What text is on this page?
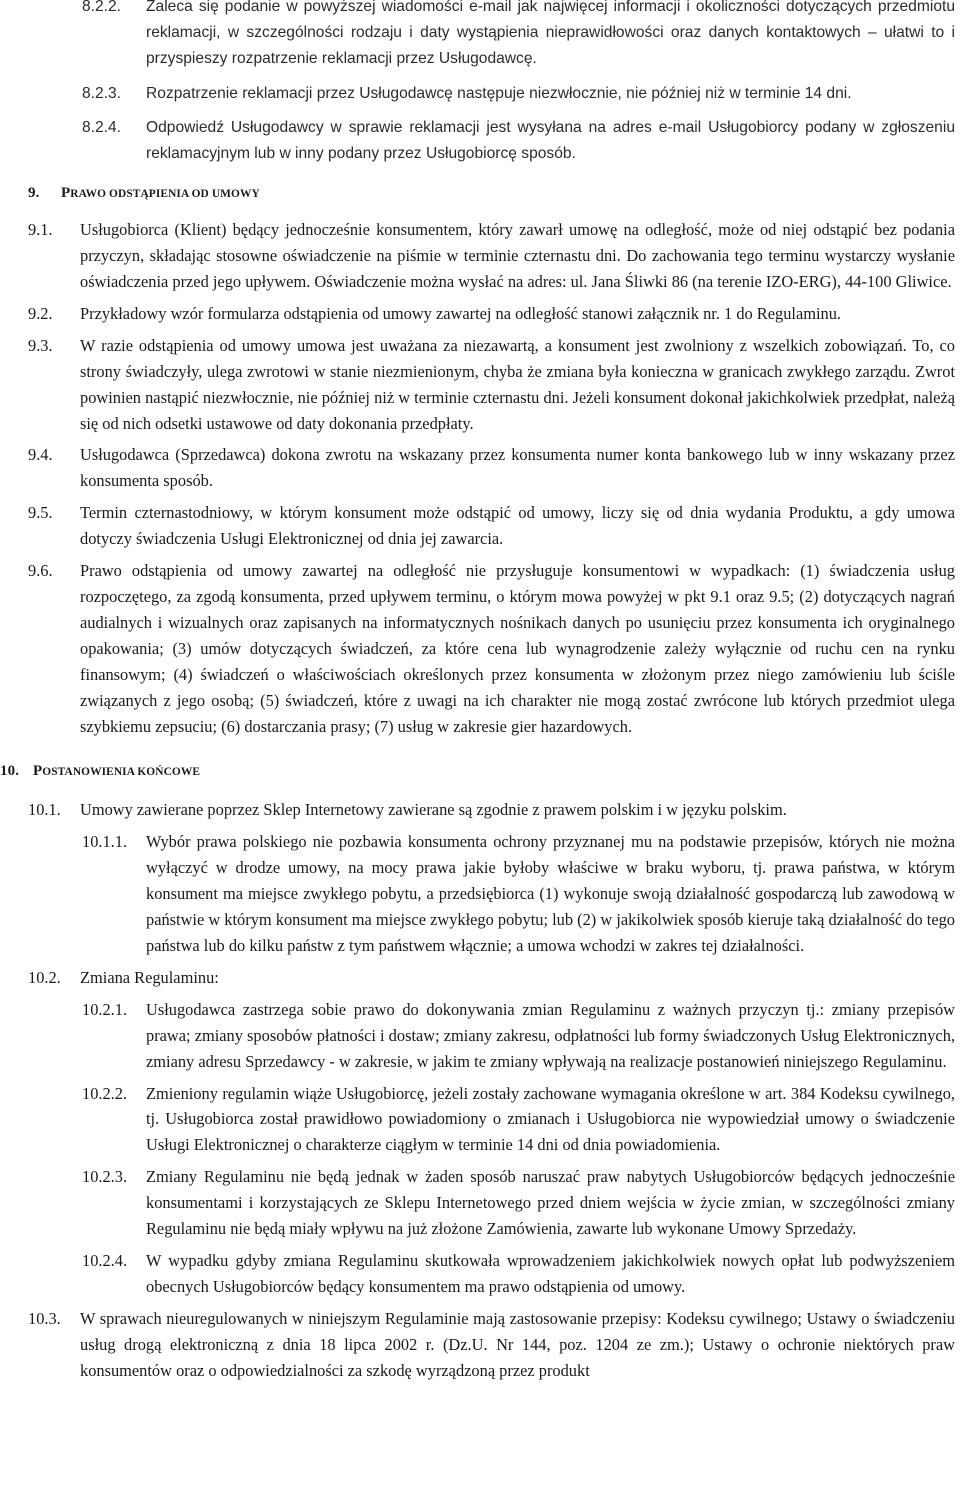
8.2.2.	Zaleca się podanie w powyższej wiadomości e-mail jak najwięcej informacji i okoliczności dotyczących przedmiotu reklamacji, w szczególności rodzaju i daty wystąpienia nieprawidłowości oraz danych kontaktowych – ułatwi to i przyspieszy rozpatrzenie reklamacji przez Usługodawcę.
8.2.3.	Rozpatrzenie reklamacji przez Usługodawcę następuje niezwłocznie, nie później niż w terminie 14 dni.
8.2.4.	Odpowiedź Usługodawcy w sprawie reklamacji jest wysyłana na adres e-mail Usługobiorcy podany w zgłoszeniu reklamacyjnym lub w inny podany przez Usługobiorcę sposób.
9. PRAWO ODSTĄPIENIA OD UMOWY
9.1.	Usługobiorca (Klient) będący jednocześnie konsumentem, który zawarł umowę na odległość, może od niej odstąpić bez podania przyczyn, składając stosowne oświadczenie na piśmie w terminie czternastu dni. Do zachowania tego terminu wystarczy wysłanie oświadczenia przed jego upływem. Oświadczenie można wysłać na adres: ul. Jana Śliwki 86 (na terenie IZO-ERG), 44-100 Gliwice.
9.2.	Przykładowy wzór formularza odstąpienia od umowy zawartej na odległość stanowi załącznik nr. 1 do Regulaminu.
9.3.	W razie odstąpienia od umowy umowa jest uważana za niezawartą, a konsument jest zwolniony z wszelkich zobowiązań. To, co strony świadczyły, ulega zwrotowi w stanie niezmienionym, chyba że zmiana była konieczna w granicach zwykłego zarządu. Zwrot powinien nastąpić niezwłocznie, nie później niż w terminie czternastu dni. Jeżeli konsument dokonał jakichkolwiek przedpłat, należą się od nich odsetki ustawowe od daty dokonania przedpłaty.
9.4.	Usługodawca (Sprzedawca) dokona zwrotu na wskazany przez konsumenta numer konta bankowego lub w inny wskazany przez konsumenta sposób.
9.5.	Termin czternastodniowy, w którym konsument może odstąpić od umowy, liczy się od dnia wydania Produktu, a gdy umowa dotyczy świadczenia Usługi Elektronicznej od dnia jej zawarcia.
9.6.	Prawo odstąpienia od umowy zawartej na odległość nie przysługuje konsumentowi w wypadkach: (1) świadczenia usług rozpoczętego, za zgodą konsumenta, przed upływem terminu, o którym mowa powyżej w pkt 9.1 oraz 9.5; (2) dotyczących nagrań audialnych i wizualnych oraz zapisanych na informatycznych nośnikach danych po usunięciu przez konsumenta ich oryginalnego opakowania; (3) umów dotyczących świadczeń, za które cena lub wynagrodzenie zależy wyłącznie od ruchu cen na rynku finansowym; (4) świadczeń o właściwościach określonych przez konsumenta w złożonym przez niego zamówieniu lub ściśle związanych z jego osobą; (5) świadczeń, które z uwagi na ich charakter nie mogą zostać zwrócone lub których przedmiot ulega szybkiemu zepsuciu; (6) dostarczania prasy; (7) usług w zakresie gier hazardowych.
10. POSTANOWIENIA KOŃCOWE
10.1.	Umowy zawierane poprzez Sklep Internetowy zawierane są zgodnie z prawem polskim i w języku polskim.
10.1.1.	Wybór prawa polskiego nie pozbawia konsumenta ochrony przyznanej mu na podstawie przepisów, których nie można wyłączyć w drodze umowy, na mocy prawa jakie byłoby właściwe w braku wyboru, tj. prawa państwa, w którym konsument ma miejsce zwykłego pobytu, a przedsiębiorca (1) wykonuje swoją działalność gospodarczą lub zawodową w państwie w którym konsument ma miejsce zwykłego pobytu; lub (2) w jakikolwiek sposób kieruje taką działalność do tego państwa lub do kilku państw z tym państwem włącznie; a umowa wchodzi w zakres tej działalności.
10.2.	Zmiana Regulaminu:
10.2.1.	Usługodawca zastrzega sobie prawo do dokonywania zmian Regulaminu z ważnych przyczyn tj.: zmiany przepisów prawa; zmiany sposobów płatności i dostaw; zmiany zakresu, odpłatności lub formy świadczonych Usług Elektronicznych, zmiany adresu Sprzedawcy - w zakresie, w jakim te zmiany wpływają na realizacje postanowień niniejszego Regulaminu.
10.2.2.	Zmieniony regulamin wiąże Usługobiorcę, jeżeli zostały zachowane wymagania określone w art. 384 Kodeksu cywilnego, tj. Usługobiorca został prawidłowo powiadomiony o zmianach i Usługobiorca nie wypowiedział umowy o świadczenie Usługi Elektronicznej o charakterze ciągłym w terminie 14 dni od dnia powiadomienia.
10.2.3.	Zmiany Regulaminu nie będą jednak w żaden sposób naruszać praw nabytych Usługobiorców będących jednocześnie konsumentami i korzystających ze Sklepu Internetowego przed dniem wejścia w życie zmian, w szczególności zmiany Regulaminu nie będą miały wpływu na już złożone Zamówienia, zawarte lub wykonane Umowy Sprzedaży.
10.2.4.	W wypadku gdyby zmiana Regulaminu skutkowała wprowadzeniem jakichkolwiek nowych opłat lub podwyższeniem obecnych Usługobiorców będący konsumentem ma prawo odstąpienia od umowy.
10.3.	W sprawach nieuregulowanych w niniejszym Regulaminie mają zastosowanie przepisy: Kodeksu cywilnego; Ustawy o świadczeniu usług drogą elektroniczną z dnia 18 lipca 2002 r. (Dz.U. Nr 144, poz. 1204 ze zm.); Ustawy o ochronie niektórych praw konsumentów oraz o odpowiedzialności za szkodę wyrządzoną przez produkt
